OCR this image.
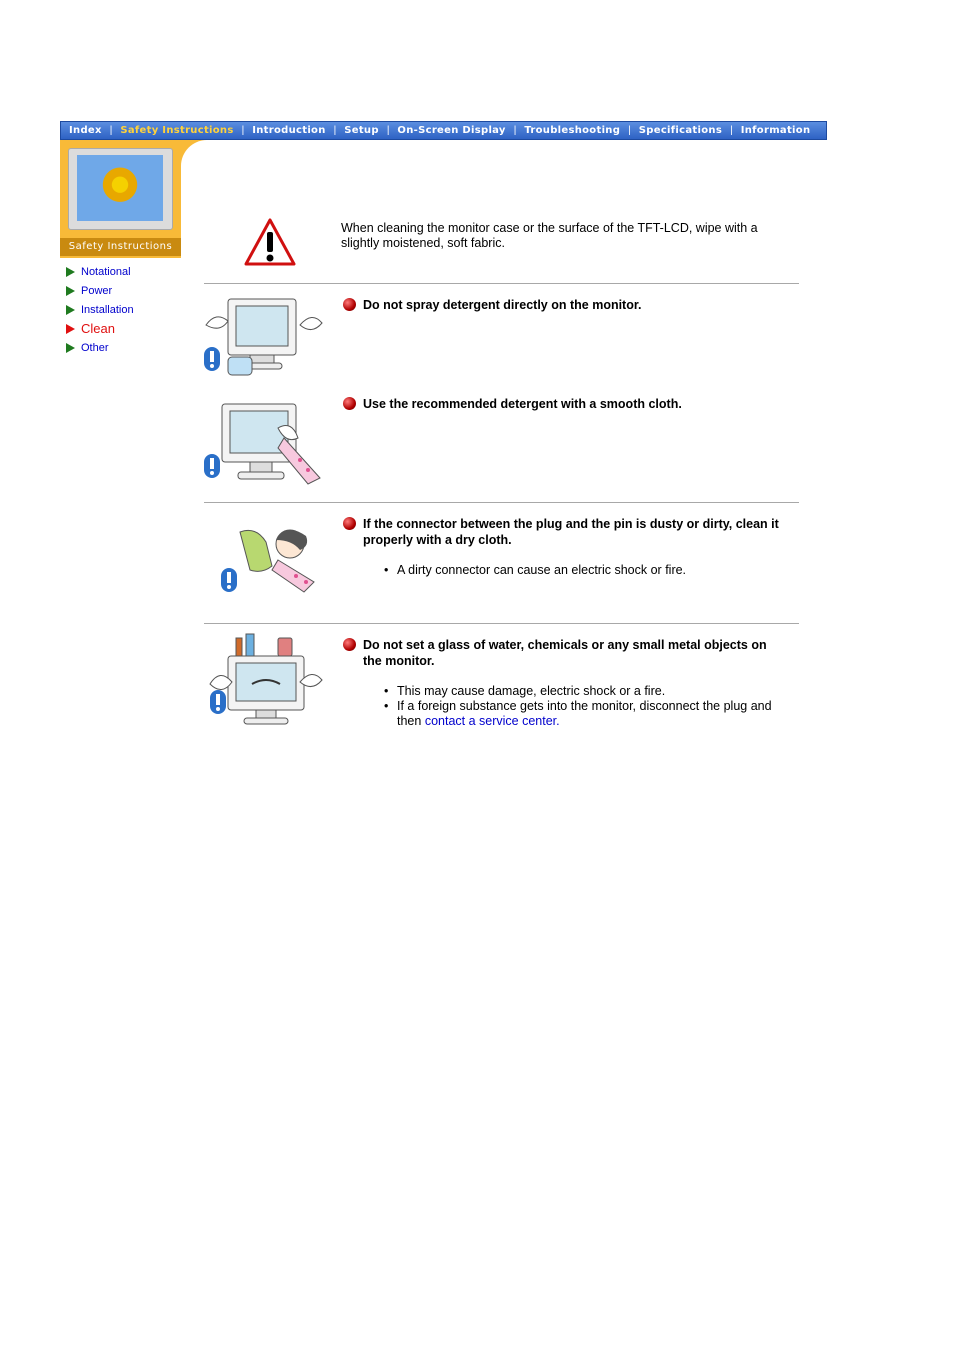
Index | Safety Instructions | Introduction | Setup | On-Screen Display | Troubleshooting | Specifications | Information
Safety Instructions
Notational
Power
Installation
Clean
Other
When cleaning the monitor case or the surface of the TFT-LCD, wipe with a slightly moistened, soft fabric.
Do not spray detergent directly on the monitor.
Use the recommended detergent with a smooth cloth.
If the connector between the plug and the pin is dusty or dirty, clean it properly with a dry cloth.
• A dirty connector can cause an electric shock or fire.
Do not set a glass of water, chemicals or any small metal objects on the monitor.
• This may cause damage, electric shock or a fire.
• If a foreign substance gets into the monitor, disconnect the plug and then contact a service center.
